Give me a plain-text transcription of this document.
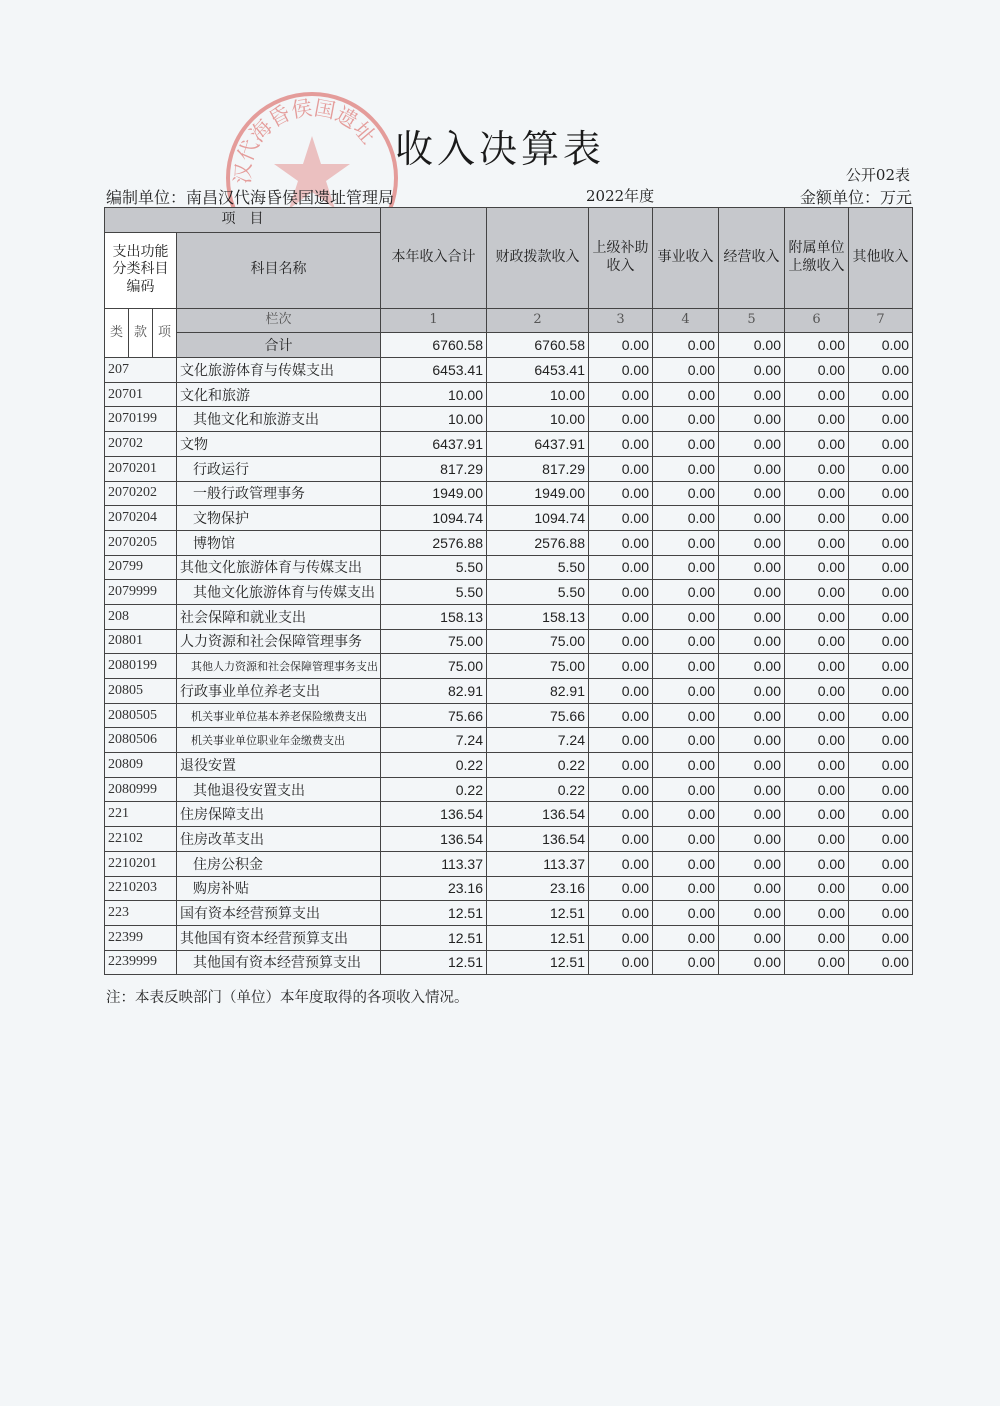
汉代海昏侯国遗址 收入决算表
公开02表
编制单位：南昌汉代海昏侯国遗址管理局	2022年度	金额单位：万元
项　目				本年收入合计	财政拨款收入	上级补助收入	事业收入	经营收入	附属单位上缴收入	其他收入
支出功能分类科目编码			科目名称							

类	款	项	栏次	1	2	3	4	5	6	7
			合计	6760.58	6760.58	0.00	0.00	0.00	0.00	0.00
207			文化旅游体育与传媒支出	6453.41	6453.41	0.00	0.00	0.00	0.00	0.00
20701			文化和旅游	10.00	10.00	0.00	0.00	0.00	0.00	0.00
2070199			其他文化和旅游支出	10.00	10.00	0.00	0.00	0.00	0.00	0.00
20702			文物	6437.91	6437.91	0.00	0.00	0.00	0.00	0.00
2070201			行政运行	817.29	817.29	0.00	0.00	0.00	0.00	0.00
2070202			一般行政管理事务	1949.00	1949.00	0.00	0.00	0.00	0.00	0.00
2070204			文物保护	1094.74	1094.74	0.00	0.00	0.00	0.00	0.00
2070205			博物馆	2576.88	2576.88	0.00	0.00	0.00	0.00	0.00
20799			其他文化旅游体育与传媒支出	5.50	5.50	0.00	0.00	0.00	0.00	0.00
2079999			其他文化旅游体育与传媒支出	5.50	5.50	0.00	0.00	0.00	0.00	0.00
208			社会保障和就业支出	158.13	158.13	0.00	0.00	0.00	0.00	0.00
20801			人力资源和社会保障管理事务	75.00	75.00	0.00	0.00	0.00	0.00	0.00
2080199			其他人力资源和社会保障管理事务支出	75.00	75.00	0.00	0.00	0.00	0.00	0.00
20805			行政事业单位养老支出	82.91	82.91	0.00	0.00	0.00	0.00	0.00
2080505			机关事业单位基本养老保险缴费支出	75.66	75.66	0.00	0.00	0.00	0.00	0.00
2080506			机关事业单位职业年金缴费支出	7.24	7.24	0.00	0.00	0.00	0.00	0.00
20809			退役安置	0.22	0.22	0.00	0.00	0.00	0.00	0.00
2080999			其他退役安置支出	0.22	0.22	0.00	0.00	0.00	0.00	0.00
221			住房保障支出	136.54	136.54	0.00	0.00	0.00	0.00	0.00
22102			住房改革支出	136.54	136.54	0.00	0.00	0.00	0.00	0.00
2210201			住房公积金	113.37	113.37	0.00	0.00	0.00	0.00	0.00
2210203			购房补贴	23.16	23.16	0.00	0.00	0.00	0.00	0.00
223			国有资本经营预算支出	12.51	12.51	0.00	0.00	0.00	0.00	0.00
22399			其他国有资本经营预算支出	12.51	12.51	0.00	0.00	0.00	0.00	0.00
2239999			其他国有资本经营预算支出	12.51	12.51	0.00	0.00	0.00	0.00	0.00
注：本表反映部门（单位）本年度取得的各项收入情况。
